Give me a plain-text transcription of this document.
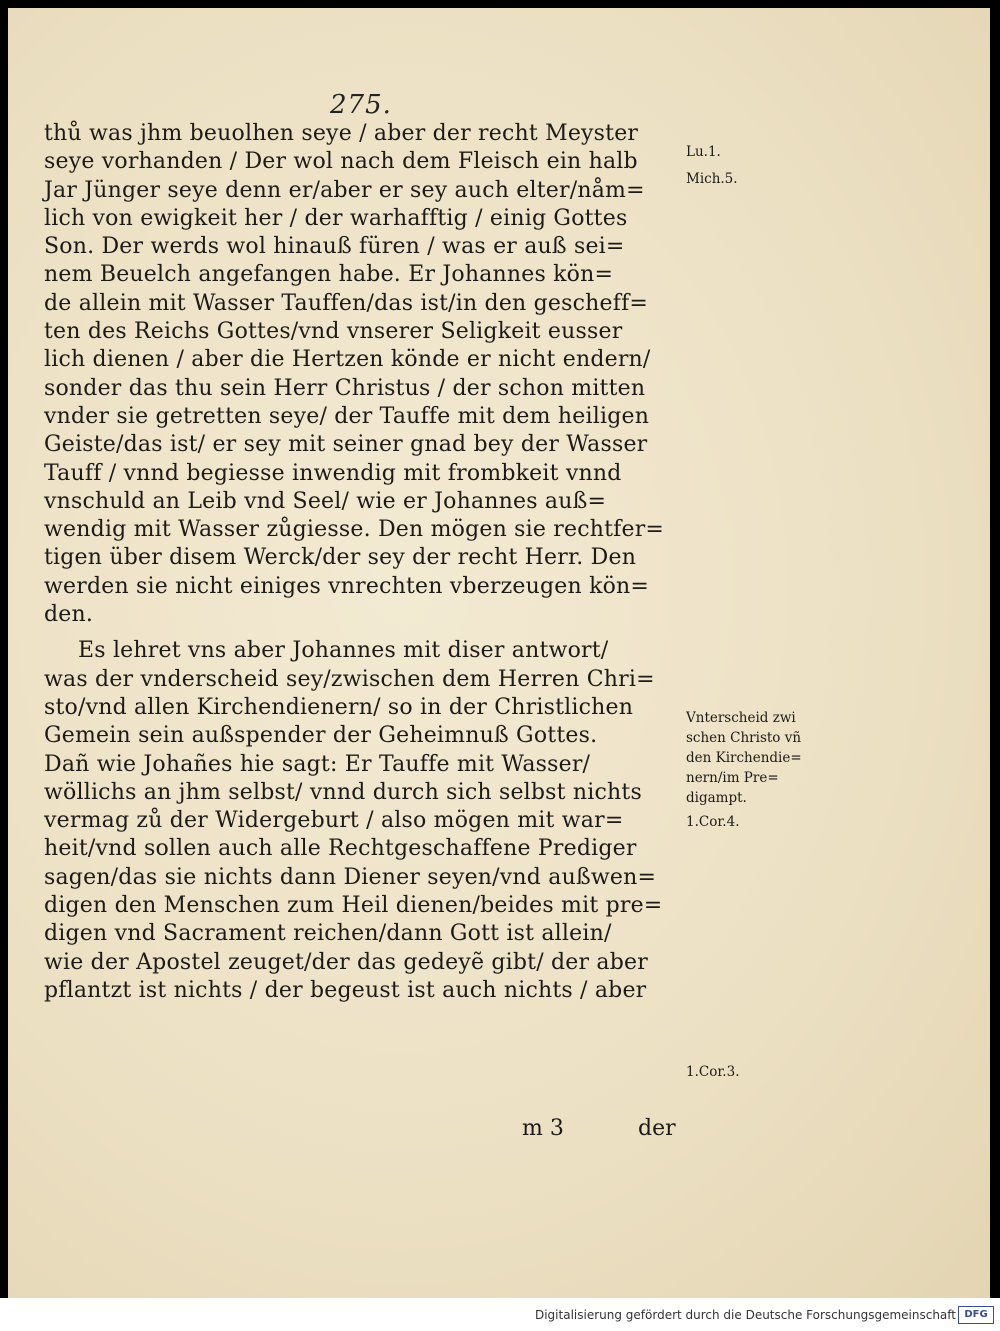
275.
thů was jhm beuolhen seye / aber der recht Meyster
seye vorhanden / Der wol nach dem Fleisch ein halb
Jar Jünger seye denn er/aber er sey auch elter/nåm=
lich von ewigkeit her / der warhafftig / einig Gottes
Son. Der werds wol hinauß füren / was er auß sei=
nem Beuelch angefangen habe. Er Johannes kön=
de allein mit Wasser Tauffen/das ist/in den gescheff=
ten des Reichs Gottes/vnd vnserer Seligkeit eusser
lich dienen / aber die Hertzen könde er nicht endern/
sonder das thu sein Herr Christus / der schon mitten
vnder sie getretten seye/ der Tauffe mit dem heiligen
Geiste/das ist/ er sey mit seiner gnad bey der Wasser
Tauff / vnnd begiesse inwendig mit frombkeit vnnd
vnschuld an Leib vnd Seel/ wie er Johannes auß=
wendig mit Wasser zůgiesse. Den mögen sie rechtfer=
tigen über disem Werck/der sey der recht Herr. Den
werden sie nicht einiges vnrechten vberzeugen kön=
den.
Es lehret vns aber Johannes mit diser antwort/
was der vnderscheid sey/zwischen dem Herren Chri=
sto/vnd allen Kirchendienern/ so in der Christlichen
Gemein sein außspender der Geheimnuß Gottes.
Dañ wie Johañes hie sagt: Er Tauffe mit Wasser/
wöllichs an jhm selbst/ vnnd durch sich selbst nichts
vermag zů der Widergeburt / also mögen mit war=
heit/vnd sollen auch alle Rechtgeschaffene Prediger
sagen/das sie nichts dann Diener seyen/vnd außwen=
digen den Menschen zum Heil dienen/beides mit pre=
digen vnd Sacrament reichen/dann Gott ist allein/
wie der Apostel zeuget/der das gedeyẽ gibt/ der aber
pflantzt ist nichts / der begeust ist auch nichts / aber
Lu.1.
Mich.5.
Vnterscheid zwi
schen Christo vñ
den Kirchendie=
nern/im Pre=
digampt.
1.Cor.4.
1.Cor.3.
m 3	der
Digitalisierung gefördert durch die Deutsche Forschungsgemeinschaft DFG
